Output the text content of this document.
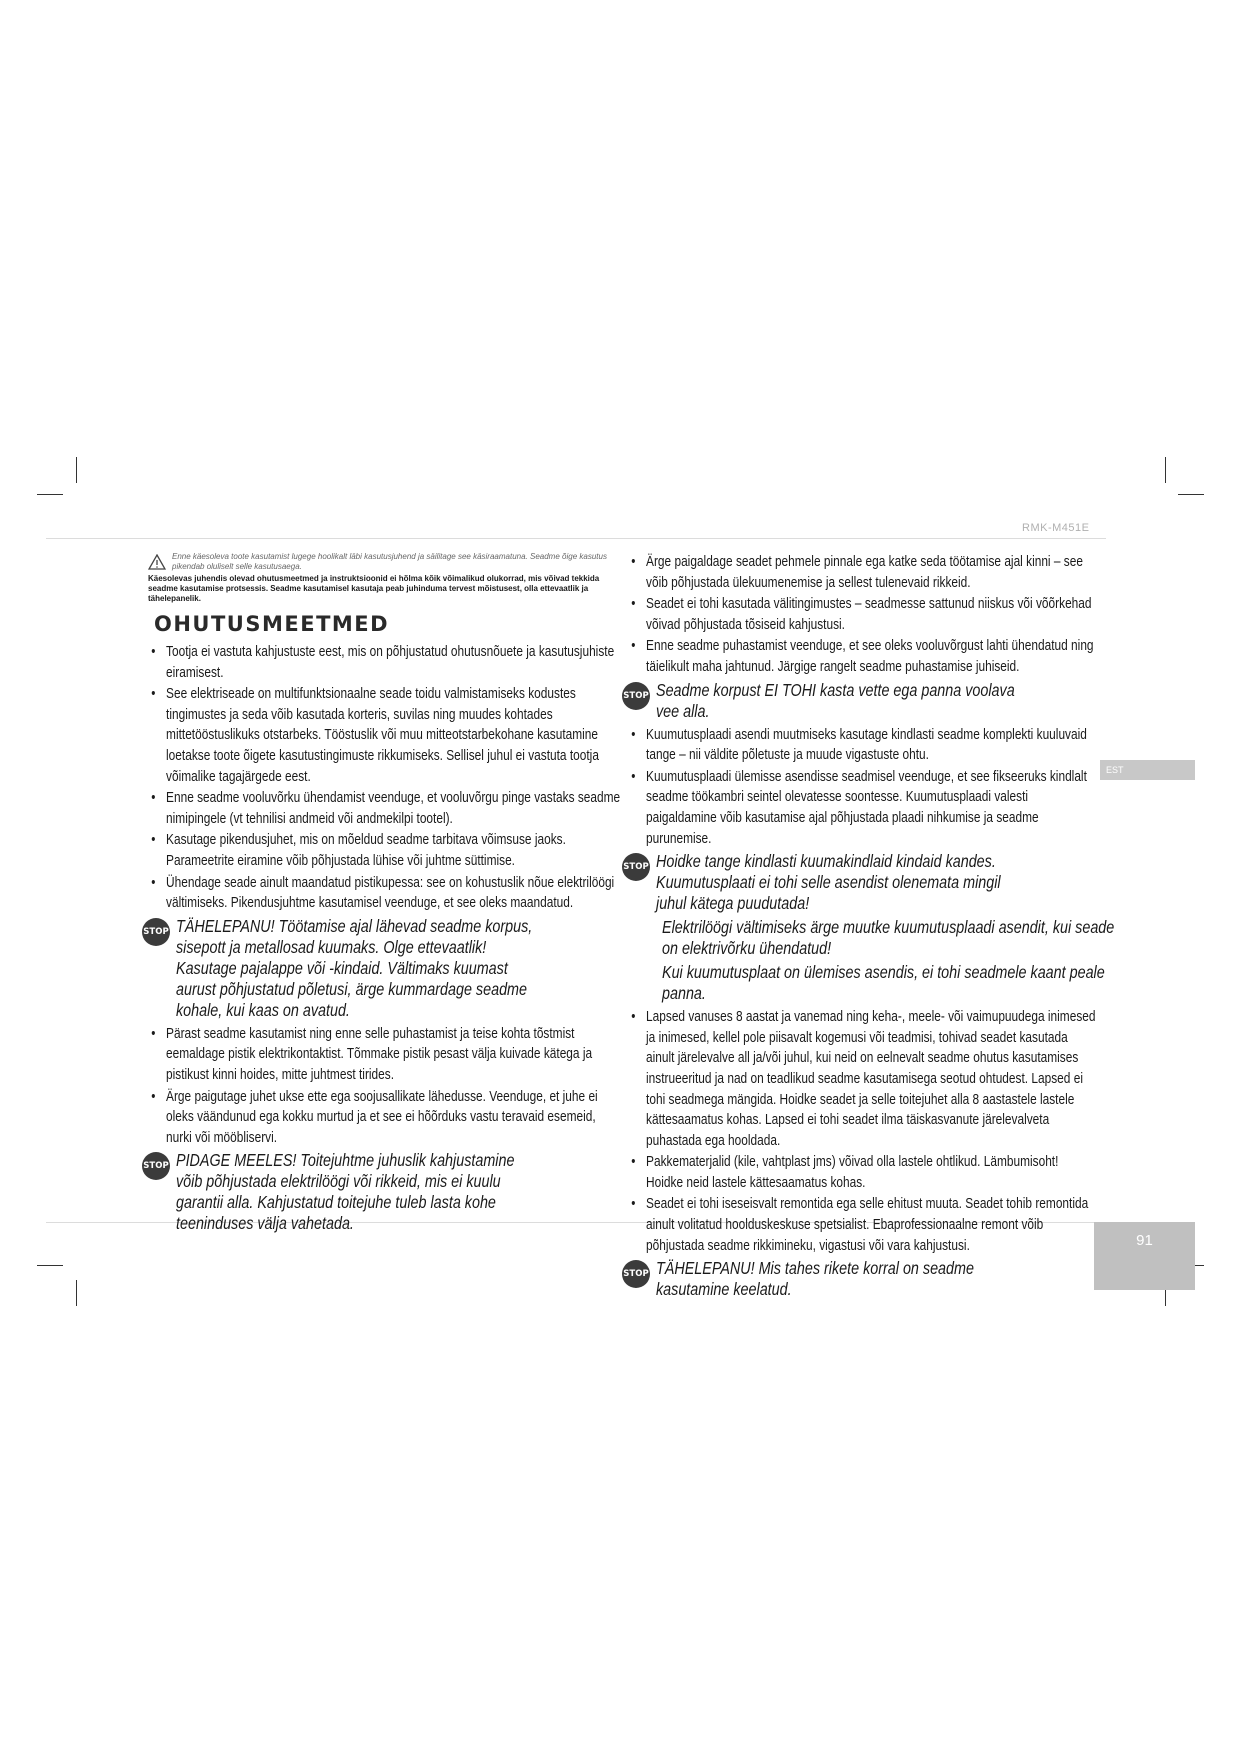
RMK-M451E
EST
91
Enne käesoleva toote kasutamist lugege hoolikalt läbi kasutusjuhend ja säilitage see käsiraamatuna. Seadme õige kasutus pikendab oluliselt selle kasutusaega.
Käesolevas juhendis olevad ohutusmeetmed ja instruktsioonid ei hõlma kõik võimalikud olukorrad, mis võivad tekkida seadme kasutamise protsessis. Seadme kasutamisel kasutaja peab juhinduma tervest mõistusest, olla ettevaatlik ja tähelepanelik.
OHUTUSMEETMED
• Tootja ei vastuta kahjustuste eest, mis on põhjustatud ohutusnõuete ja kasutusjuhiste eiramisest.
• See elektriseade on multifunktsionaalne seade toidu valmistamiseks kodustes tingimustes ja seda võib kasutada korteris, suvilas ning muudes kohtades mittetööstuslikuks otstarbeks. Tööstuslik või muu mitteotstarbekohane kasutamine loetakse toote õigete kasutustingimuste rikkumiseks. Sellisel juhul ei vastuta tootja võimalike tagajärgede eest.
• Enne seadme vooluvõrku ühendamist veenduge, et vooluvõrgu pinge vastaks seadme nimipingele (vt tehnilisi andmeid või andmekilpi tootel).
• Kasutage pikendusjuhet, mis on mõeldud seadme tarbitava võimsuse jaoks. Parameetrite eiramine võib põhjustada lühise või juhtme süttimise.
• Ühendage seade ainult maandatud pistikupessa: see on kohustuslik nõue elektrilöögi vältimiseks. Pikendusjuhtme kasutamisel veenduge, et see oleks maandatud.
STOP TÄHELEPANU! Töötamise ajal lähevad seadme korpus, sisepott ja metallosad kuumaks. Olge ettevaatlik! Kasutage pajalappe või -kindaid. Vältimaks kuumast aurust põhjustatud põletusi, ärge kummardage seadme kohale, kui kaas on avatud.
• Pärast seadme kasutamist ning enne selle puhastamist ja teise kohta tõstmist eemaldage pistik elektrikontaktist. Tõmmake pistik pesast välja kuivade kätega ja pistikust kinni hoides, mitte juhtmest tirides.
• Ärge paigutage juhet ukse ette ega soojusallikate lähedusse. Veenduge, et juhe ei oleks väändunud ega kokku murtud ja et see ei hõõrduks vastu teravaid esemeid, nurki või mööbliservi.
STOP PIDAGE MEELES! Toitejuhtme juhuslik kahjustamine võib põhjustada elektrilöögi või rikkeid, mis ei kuulu garantii alla. Kahjustatud toitejuhe tuleb lasta kohe teeninduses välja vahetada.
• Ärge paigaldage seadet pehmele pinnale ega katke seda töötamise ajal kinni – see võib põhjustada ülekuumenemise ja sellest tulenevaid rikkeid.
• Seadet ei tohi kasutada välitingimustes – seadmesse sattunud niiskus või võõrkehad võivad põhjustada tõsiseid kahjustusi.
• Enne seadme puhastamist veenduge, et see oleks vooluvõrgust lahti ühendatud ning täielikult maha jahtunud. Järgige rangelt seadme puhastamise juhiseid.
STOP Seadme korpust EI TOHI kasta vette ega panna voolava vee alla.
• Kuumutusplaadi asendi muutmiseks kasutage kindlasti seadme komplekti kuuluvaid tange – nii väldite põletuste ja muude vigastuste ohtu.
• Kuumutusplaadi ülemisse asendisse seadmisel veenduge, et see fikseeruks kindlalt seadme töökambri seintel olevatesse soontesse. Kuumutusplaadi valesti paigaldamine võib kasutamise ajal põhjustada plaadi nihkumise ja seadme purunemise.
STOP Hoidke tange kindlasti kuumakindlaid kindaid kandes. Kuumutusplaati ei tohi selle asendist olenemata mingil juhul kätega puudutada!
Elektrilöögi vältimiseks ärge muutke kuumutusplaadi asendit, kui seade on elektrivõrku ühendatud!
Kui kuumutusplaat on ülemises asendis, ei tohi seadmele kaant peale panna.
• Lapsed vanuses 8 aastat ja vanemad ning keha-, meele- või vaimupuudega inimesed ja inimesed, kellel pole piisavalt kogemusi või teadmisi, tohivad seadet kasutada ainult järelevalve all ja/või juhul, kui neid on eelnevalt seadme ohutus kasutamises instrueeritud ja nad on teadlikud seadme kasutamisega seotud ohtudest. Lapsed ei tohi seadmega mängida. Hoidke seadet ja selle toitejuhet alla 8 aastastele lastele kättesaamatus kohas. Lapsed ei tohi seadet ilma täiskasvanute järelevalveta puhastada ega hooldada.
• Pakkematerjalid (kile, vahtplast jms) võivad olla lastele ohtlikud. Lämbumisoht! Hoidke neid lastele kättesaamatus kohas.
• Seadet ei tohi iseseisvalt remontida ega selle ehitust muuta. Seadet tohib remontida ainult volitatud hoolduskeskuse spetsialist. Ebaprofessionaalne remont võib põhjustada seadme rikkimineku, vigastusi või vara kahjustusi.
STOP TÄHELEPANU! Mis tahes rikete korral on seadme kasutamine keelatud.
